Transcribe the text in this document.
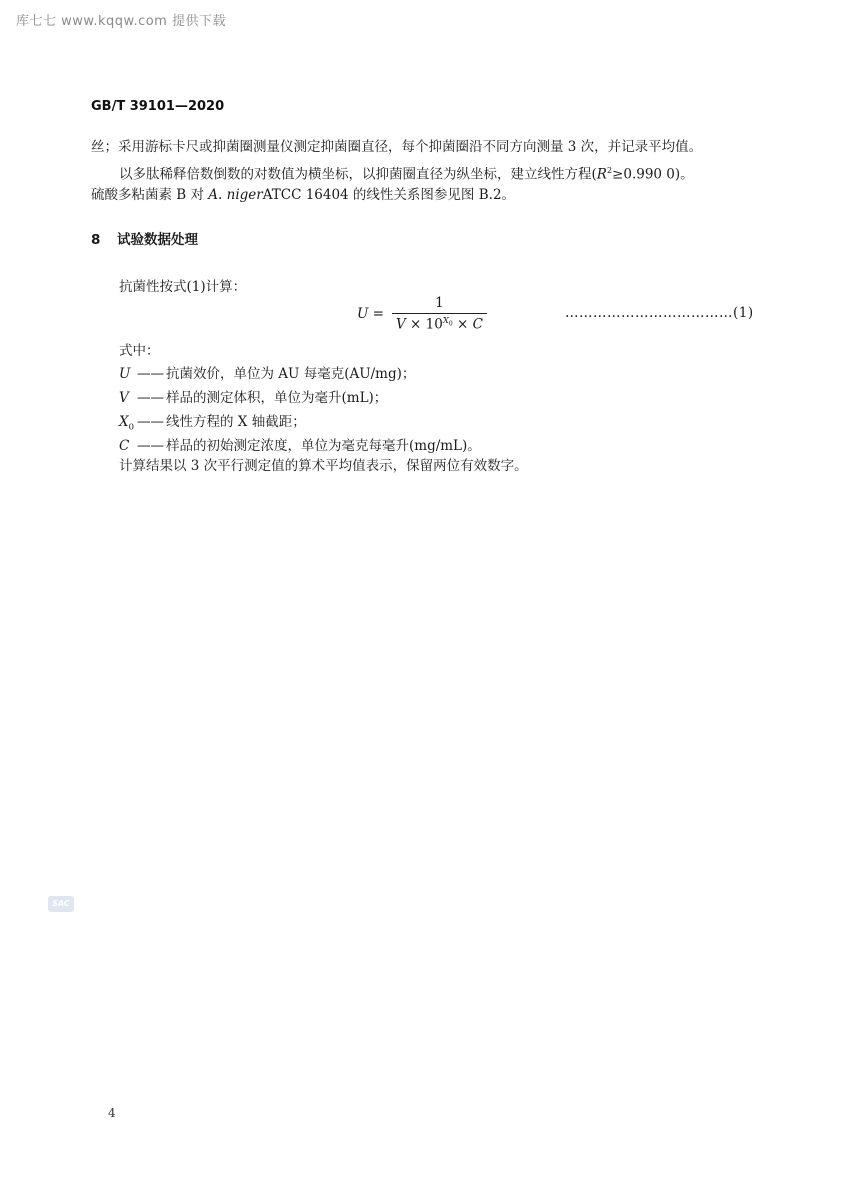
库七七 www.kqqw.com 提供下载
GB/T 39101—2020

丝；采用游标卡尺或抑菌圈测量仪测定抑菌圈直径，每个抑菌圈沿不同方向测量 3 次，并记录平均值。

以多肽稀释倍数倒数的对数值为横坐标，以抑菌圈直径为纵坐标，建立线性方程($R^2\ge 0.990$ 0)。

硫酸多粘菌素 B 对 A. nigerATCC 16404 的线性关系图参见图 B.2。

8 试验数据处理

抗菌性按式(1)计算：

$U = \frac{1}{V \times 10^{X_0} \times C}$	………………………………(1)

式中：

U —— 抗菌效价，单位为 AU 每毫克(AU/mg)；
V —— 样品的测定体积，单位为毫升(mL)；
$X_0$ —— 线性方程的 X 轴截距；
C —— 样品的初始测定浓度，单位为毫克每毫升(mg/mL)。

计算结果以 3 次平行测定值的算术平均值表示，保留两位有效数字。

SAC
4
